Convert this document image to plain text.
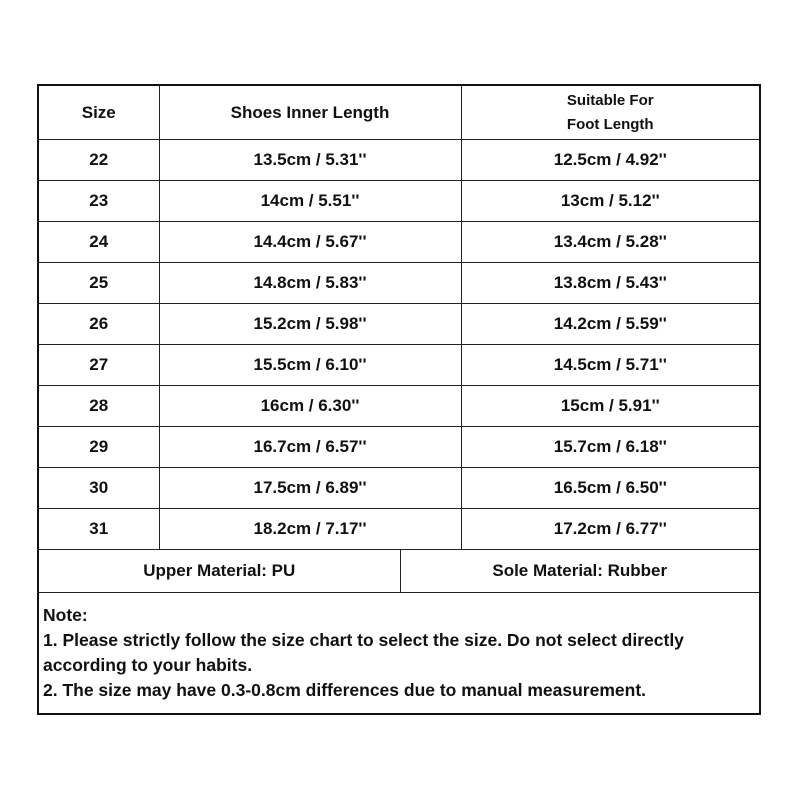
Size	Shoes Inner Length	Suitable For
Foot Length

22	13.5cm / 5.31''	12.5cm / 4.92''
23	14cm / 5.51''	13cm / 5.12''
24	14.4cm / 5.67''	13.4cm / 5.28''
25	14.8cm / 5.83''	13.8cm / 5.43''
26	15.2cm / 5.98''	14.2cm / 5.59''
27	15.5cm / 6.10''	14.5cm / 5.71''
28	16cm / 6.30''	15cm / 5.91''
29	16.7cm / 6.57''	15.7cm / 6.18''
30	17.5cm / 6.89''	16.5cm / 6.50''
31	18.2cm / 7.17''	17.2cm / 6.77''
Upper Material: PU	Sole Material: Rubber
Note:
1. Please strictly follow the size chart to select the size. Do not select directly according to your habits.
2. The size may have 0.3-0.8cm differences due to manual measurement.
